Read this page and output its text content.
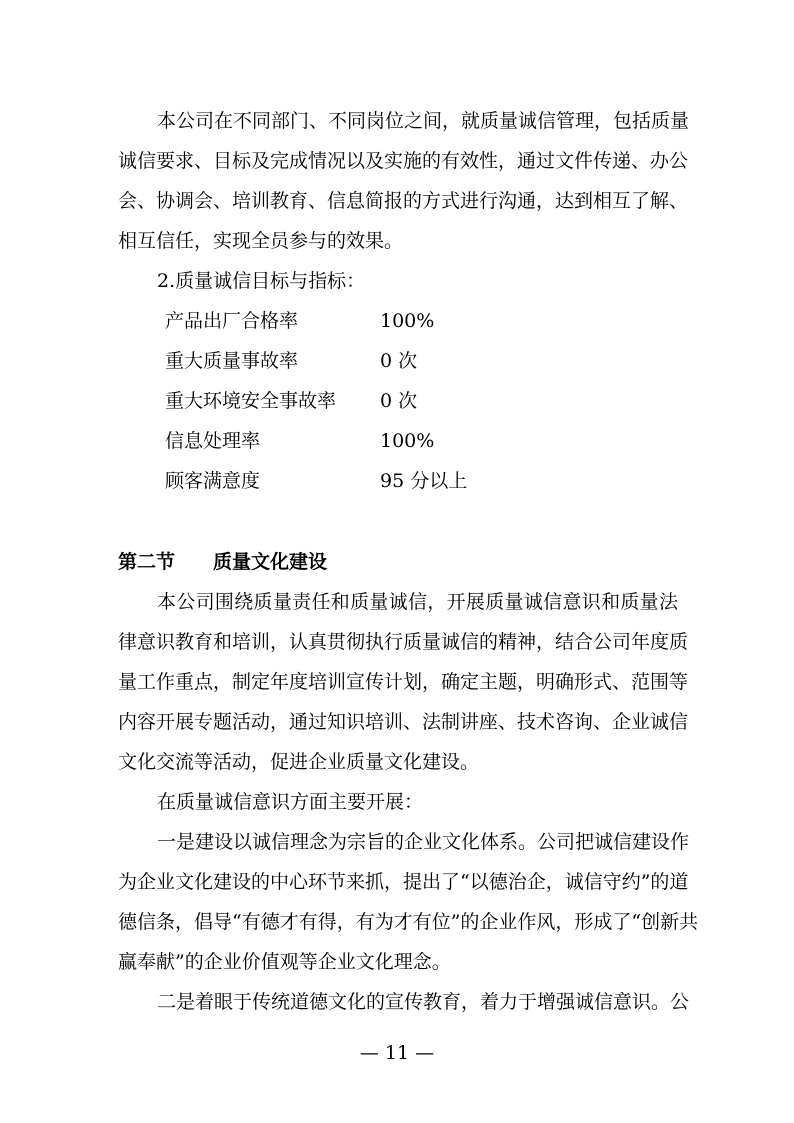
本公司在不同部门、不同岗位之间，就质量诚信管理，包括质量
诚信要求、目标及完成情况以及实施的有效性，通过文件传递、办公
会、协调会、培训教育、信息简报的方式进行沟通，达到相互了解、
相互信任，实现全员参与的效果。
2.质量诚信目标与指标：
产品出厂合格率	100%
重大质量事故率	0 次
重大环境安全事故率 0 次
信息处理率	100%
顾客满意度	95 分以上
第二节 质量文化建设
本公司围绕质量责任和质量诚信，开展质量诚信意识和质量法
律意识教育和培训，认真贯彻执行质量诚信的精神，结合公司年度质
量工作重点，制定年度培训宣传计划，确定主题，明确形式、范围等
内容开展专题活动，通过知识培训、法制讲座、技术咨询、企业诚信
文化交流等活动，促进企业质量文化建设。
在质量诚信意识方面主要开展：
一是建设以诚信理念为宗旨的企业文化体系。公司把诚信建设作
为企业文化建设的中心环节来抓，提出了“以德治企，诚信守约”的道
德信条，倡导“有德才有得，有为才有位”的企业作风，形成了“创新共
赢奉献”的企业价值观等企业文化理念。
二是着眼于传统道德文化的宣传教育，着力于增强诚信意识。公
— 11 —
